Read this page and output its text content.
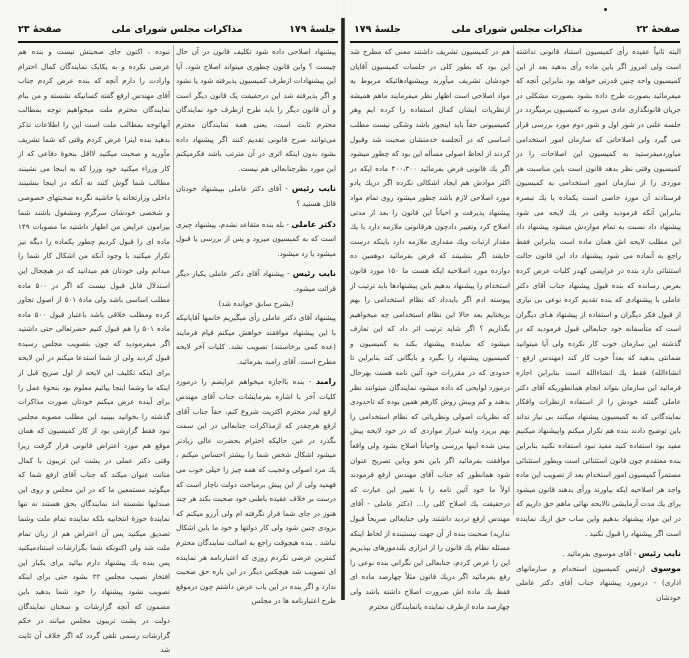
جلسهٔ ۱۷۹
مذاکرات مجلس شورای ملی
صفحهٔ ۲۳

پیشنهاد اصلاحی داده شود تکلیف قانون در آن حال چیست ؟ وابن قانون چطوری میتواند اصلاح شود. آیا این پیشنهادات ازطرف کمیسیون پذیرفته شود یا نشود و اگر پذیرفته شد این درحقیقت یک قانون دیگر است و آن قانون دیگر را باید طرح ازطرف خود نمایندگان محترم ثابت است، یعنی همه نمایندگان محترم می‌توانند صرح قانونی تقدیم کنند اگر پیشنهاد داده بشود بدون اینکه اثری در آن مترتب باشد فکرمیکنم این مورد نظرجنابعالی هم نیست.

نایب رئیس - آقای دکتر عاملی بپیشنهاد خودتان قائل هستید ؟

دکتر عاملی - بله بنده متقاعد نشدم، پیشنهاد چیزی است که به کمیسیون میرود و پس از بررسی یا قبول میشود یا رد میشود.

نایب رئیس - پیشنهاد آقای دکتر عاملی یکبار دیگر قرائت میشود.

(بشرح سابق خوانده شد)

پیشنهاد آقای دکتر عاملی رأی میگیریم خانمها آقایانیکه با این پیشنهاد موافقند خواهش میکنم قیام فرمایند (عده کمی برخاستند) تصویب نشد. کلیات آخر لایحه مطرح است. آقای رامبد بفرمائید.

رامبد - بنده بااجازه میخواهم عرایضم را درمورد کلیات آخر با اشاره بفرمایشات جناب آقای مهندس ارفع لیدر محترم اکثریت شروع کنم، حقاً جناب آقای ارفع هرچقدر که ازمذاکرات جنابعالی در این سمت بگذرد در عین حالیکه احترام بحضرت عالی زیادتر میشود اشکال شخص شما را بیشتر احساس میکنم ، یك مرد اصولی وعجیب که همه چیز را خیلی خوب می فهمید ولی از این پیش برمیاحث دولت ناچار است که درست بر خلاف عقیده باطنی خود صحبت بکند هر چند هنوز در جای شما قرار نگرفته ام ولی آرزو میکنم که بزودی چنین شود ولی کار دولتها و خود ما باین اشکال نباشد . بنده هیچوقت راجع به اصالت نمایندگان محترم کمترین عرضی نکردم روزی که اعتبارنامه هر نماینده ای تصویب شد هیچکس دیگر در این باره حق صحبت ندارد و اگر بنده در این باب عرض داشتم چون درموقع طرح اعتبارنامه ها در مجلس

نبوده ، اکنون جای صحبتش نیست و بنده هم عرضی نکرده و به یکایک نمایندگان کمال احترام وارادت را دارم آنچه که بنده عرض کردم جناب آقای مهندس ارفع گفته کسانیکه نشسته و من بنام نمایندگان محترم ملت میخواهیم توجه بمطالب آنهاتوجه بمطالب ملت است این را اطلاعات تذکر بدهید بنده اینرا عرض کردم وقتی که شما تشریف مآورید و صحبت میکنید لااقل بنحوهٔ دفاعی که از کار وزراء میکنید خود وزرا که به اینجا می نشینند مطالب شما گوش کنند نه آنکه در اینجا بنشینند داخلی وزارتخانه یا حاشیه نگرده صحبتهای خصوصی و شخصی خودشان سرگرم ومشغول باشند شما بیرامون عرایض من اظهار داشتید ما مصوبات ۱۴۹ ماده ای را قبول کردیم چطور یکماده را دیگه نیز تکرار میکنید با وجود آنکه من اشکال کار شما را میدانم ولی خودتان هم میدانید که در هیچحال این استدلال قابل قبول نیست که اگر در ۵۰۰ ماده مطلب اساسی باشد ولی مادهٔ ۵۰۱ از اصول تجاوز کرده ومطلب خلاقی باشد باعتبار قبول ۵۰۰ ماده ماده ۵۰۱ را هم قبول کنیم حضرتعالی حتی داشتید اگر میفرمودید که چون بتصویب مجلس رسیده قبول کردید ولی از شما استدعا میکنم در این لایحه برای اینکه تکلیف این لایحه از اول صریح قبل از اینکه ما وشما اینجا بیائیم معلوم بود بنحوهٔ عمل را برای آینده عرض میکنم خودتان صورت مذاکرات گذشته را بخوانید ببینید این مطلب مصوبه مجلس نبود فقط گزارشی بود از کار کمیسیون که همان موقع هم مورد اعتراض قانونی قرار گرفت زیرا وقتی دکتر عملی در پشت این تریبون با کمال متانت عنوان میکند که جناب آقای ارفع شما که میگوئید مستمعین ما که در این مجلس و روی این صندلیها نشسته اند نمایندگان بحق هستند نه تنها نمایندهٔ حوزهٔ انتخابیه بلکه نماینده تمام ملت وشما تصدیق میکنید پس آن اعتراض هم از زبان تمام ملت شد ولی اکنونکه شما بگزارشات استنادمیکنید پس بنده یك پیشنهاد دارم بیائید برای یکبار این افتخار نصیب مجلس ۲۲ بشود حتی برای اینکه تصویب نشود پیشنهاد را خود شما بدهید باین مضمون که آنچه گزارشات و سخنان نمایندگان دولت در پشت تریبون مجلس میانند در حکم گزارشات رسمی تلقی گردد که اگر خلاف آن ثابت شد

صفحهٔ ۲۲
مذاکرات مجلس شورای ملی
جلسهٔ ۱۷۹

البته ثانیاً عقیده رأی کمیسیون استناد قانونی نداشته است ولی امروز اگر باین ماده رأی بدهید بعد از این کمیسیون واحد چنین قدرتی خواهد بود بنابراین آنچه که میفرمائید بصورت طرح داده بشود بصورت مشکلی در جریان قانونگذاری عادی میرود به کمیسیون برمیگردد در جلسه علنی در شور اول و شور دوم مورد بررسی قرار می گیرد ولی اصلاحاتی که سازمان امور استخدامی میاوردمیفرستید به کمیسیون این اصلاحات را در کمیسیون وقتی نظر بدهد قانون است باین مناسبت هر موردی را از سازمان امور استخدامی به کمیسیون فرستادند آن مورد خاصی است یکماده یا یك تبصره بنابراین آنکه فرمودید وقتی در یك لایحه می شود پیشنهاد داد نسبت به تمام مواردش میشود پیشنهاد داد این مطلب لایحه اش همان ماده است بنابراین فقط راجع به آنماده می شود پیشنهاد داد این قانون حالت استثنائی دارد بنده در عرایضی کهدر کلیات عرض کرده بعرض رسانده که بنده قبول پیشنهاد جناب آقای دکتر عاملی با پیشنهادی که بنده تقدیم کرده نوعی بی نیازی از قبول فکر دیگران و استفاده از پیشنهاد هـای دیگران است که متأسفانه خود جنابعالی قبول فرمودید که در گذشته این سازمان خوب کار نکرده ولی آیا میتوانید ضمانتی بدهید که بعداً خوب کار کند (مهندس ارفع - انشاءالله) فقط یك انشاءالله است بنابراین اجازه فرمائید این سازمان بتواند انجام همانطوریکه آقای دکتر عاملی گفتند خودش را از استفاده ازنظرات وافکار نمایندگانی که به کمیسیون پیشنهاد میکنند بی نیاز نداند باین توضیح دادند بنده هم تکرار میکنم واپیشنهاد میکنیم مفید بود استفاده کنید مفید نبود استفاده نکنید بنابراین بنده معتقدم چون قانون استثنائی است وبطور استثنائی مستمراً کمیسیون امور استخدام بعد از تصویب این ماده واجد هر اصلاحیه ایکه بیاورند ورأی بدهند قانون میشود برای یك مدت آزمایشی تالایحه نهائی ماهم حق داریم که در این مواد پیشنهاد بدهیم واین ساب حق ازیك نماینده است اگر پیشنهاد را قبول نکنید .

نایب رئیس - آقای موسوی بفرمائید .

موسوی (رئیس کمیسیون استخدام و سازمانهای اداری) - درمورد پیشنهاد جناب آقای دکتر عاملی خودشان

هم در کمیسیون تشریف داشتند معنی که مطرح شد این بود که بطور کلی در جلسات کمیسیون آقایان خودشان تشریف میآورند وپیشنهادهائیکه مربوط به مواد اصلاحی است اظهار نظر میفرمایند ماهم همیشه ازنظریات ایشان کمال استفاده را کرده ایم وهر کمیسیونی حقاً باید اینجور باشد وشکی نیست مطلب اساسی که در آنجلسه خدمتشان صحبت شد وقبول کردند از لحاظ اصولی مسأله این بود که چطور میشود اگر یك قانونی فرض بفرمائید ۴۰۰،۳۰۰ ماده ایکه در اکثر موادش هم ایجاد اشکالی نکرده اگر دریك یادو مورد اصلاحی لازم باشد چطور میشود روی تمام مواد پیشنهاد پذیرفت و احیاناً این قانون را بعد از مدتی اصلاح کرد وتغییر دادچون هرقانونی ملازمه دارد با یك مقدار ازثبات ویك مقداری ملازمه دارد باینکه درست حایقند اگر بنشینند که فرض بفرمائید دوهمین ده دوازده مورد اصلاحیه ایکه هست ما ۱۵۰ مورد قانون استخدام را پیشنهاد بدهیم باین پیشنهادها باید ترتیب از پیوسته ادم اگر بایدداد که نظام استخدامی را بهم بریختایم بعد حالا این نظام استخدامی چه میخواهیم بگذاریم ؟ اگر شاید ترتیب اثر داد که این تعارف میشود که نماینده پیشنهاد بکند به کمیسیون و کمیسیون پیشنهاد را بگیرد و بایگانی کند بنابراین تا حدودی که در مقررات خود آئین نامه هست بهرحال درمورد لوایحی که داده میشود نمایندگان میتوانند نظر بدهند و کم وبیش روش کارهم همین بوده که تاحدودی که نظریات اصولی ونظریاتی که نظام استخدامی را بهم بریزد واینه غیراز مواردی که در خود لایحه پیش بینی شده اینها بررسی واحیاناً اصلاح بشود ولی واقعاً موافقت بفرمائید اگر باین نحو وباین تصریح عنوان شود همانطور که جناب آقای مهندس ارفع فرمودند اولاً ما خود آئین نامه را با تغییر این عبارت که درحقیقت یك اصلاح کلی را... (دکتر عاملی - آقای مهندس ارفع تردید داشتند ولی جنابعالی صریحاً قبول ندارید) صحبت بنده از آن جهت نیستبنده از لحاظ اینکه مسئله نظام یك قانون را از ابزاری بلندمورهای بپذیریم این را عرض کردم، جنابعالی این نگرانی بنده نوعی را رفع بفرمائید اگر دریك قانون مثلاً چهارصد ماده ای فقط یك ماده اش ضرورت اصلاح داشته باشد ولی چهارصد ماده ازطرف نماینده یانمایندگان محترم
